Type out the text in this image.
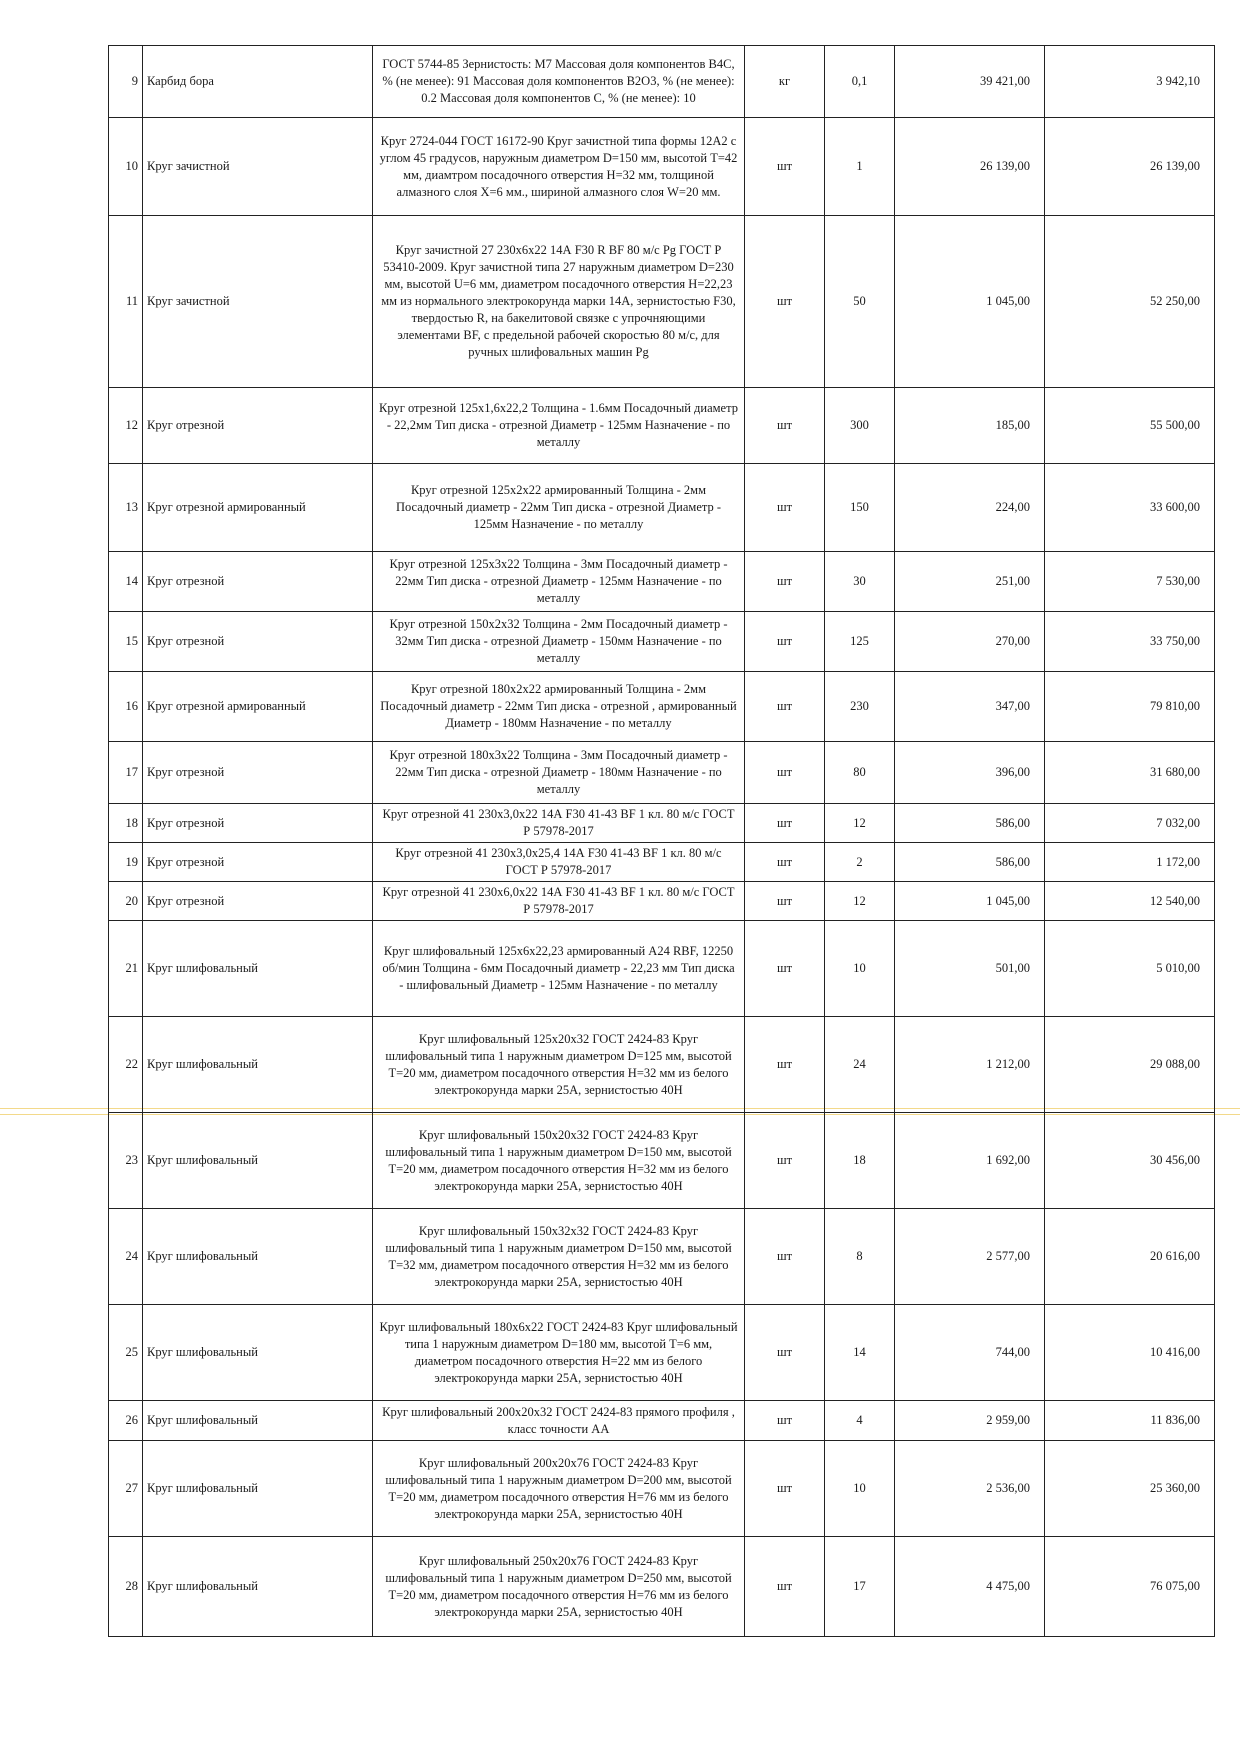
9	Карбид бора	ГОСТ 5744-85 Зернистость: М7 Массовая доля компонентов В4С, % (не менее): 91 Массовая доля компонентов В2О3, % (не менее): 0.2 Массовая доля компонентов С, % (не менее): 10	кг	0,1	39 421,00	3 942,10
10	Круг зачистной	Круг 2724-044 ГОСТ 16172-90 Круг зачистной типа формы 12А2 с углом 45 градусов, наружным диаметром D=150 мм, высотой Т=42 мм, диамтром посадочного отверстия Н=32 мм, толщиной алмазного слоя Х=6 мм., шириной алмазного слоя W=20 мм.	шт	1	26 139,00	26 139,00
11	Круг зачистной	Круг зачистной 27 230х6х22 14А F30 R BF 80 м/с Pg ГОСТ Р 53410-2009. Круг зачистной типа 27 наружным диаметром D=230 мм, высотой U=6 мм, диаметром посадочного отверстия Н=22,23 мм из нормального электрокорунда марки 14А, зернистостью F30, твердостью R, на бакелитовой связке с упрочняющими элементами BF, с предельной рабочей скоростью 80 м/с, для ручных шлифовальных машин Pg	шт	50	1 045,00	52 250,00
12	Круг отрезной	Круг отрезной 125х1,6х22,2 Толщина - 1.6мм Посадочный диаметр - 22,2мм Тип диска - отрезной Диаметр - 125мм Назначение - по металлу	шт	300	185,00	55 500,00
13	Круг отрезной армированный	Круг отрезной 125х2х22 армированный Толщина - 2мм Посадочный диаметр - 22мм Тип диска - отрезной Диаметр - 125мм Назначение - по металлу	шт	150	224,00	33 600,00
14	Круг отрезной	Круг отрезной 125х3х22 Толщина - 3мм Посадочный диаметр - 22мм Тип диска - отрезной Диаметр - 125мм Назначение - по металлу	шт	30	251,00	7 530,00
15	Круг отрезной	Круг отрезной 150х2х32 Толщина - 2мм Посадочный диаметр - 32мм Тип диска - отрезной Диаметр - 150мм Назначение - по металлу	шт	125	270,00	33 750,00
16	Круг отрезной армированный	Круг отрезной 180х2х22 армированный Толщина - 2мм Посадочный диаметр - 22мм Тип диска - отрезной , армированный Диаметр - 180мм Назначение - по металлу	шт	230	347,00	79 810,00
17	Круг отрезной	Круг отрезной 180х3х22 Толщина - 3мм Посадочный диаметр - 22мм Тип диска - отрезной Диаметр - 180мм Назначение - по металлу	шт	80	396,00	31 680,00
18	Круг отрезной	Круг отрезной 41 230х3,0х22 14А F30 41-43 BF 1 кл. 80 м/с ГОСТ Р 57978-2017	шт	12	586,00	7 032,00
19	Круг отрезной	Круг отрезной 41 230х3,0х25,4 14А F30 41-43 BF 1 кл. 80 м/с ГОСТ Р 57978-2017	шт	2	586,00	1 172,00
20	Круг отрезной	Круг отрезной 41 230х6,0х22 14А F30 41-43 BF 1 кл. 80 м/с ГОСТ Р 57978-2017	шт	12	1 045,00	12 540,00
21	Круг шлифовальный	Круг шлифовальный 125х6х22,23 армированный А24 RBF, 12250 об/мин Толщина - 6мм Посадочный диаметр - 22,23 мм Тип диска - шлифовальный Диаметр - 125мм Назначение - по металлу	шт	10	501,00	5 010,00
22	Круг шлифовальный	Круг шлифовальный 125х20х32 ГОСТ 2424-83 Круг шлифовальный типа 1 наружным диаметром D=125 мм, высотой Т=20 мм, диаметром посадочного отверстия Н=32 мм из белого электрокорунда марки 25А, зернистостью 40Н	шт	24	1 212,00	29 088,00
23	Круг шлифовальный	Круг шлифовальный 150х20х32 ГОСТ 2424-83 Круг шлифовальный типа 1 наружным диаметром D=150 мм, высотой Т=20 мм, диаметром посадочного отверстия Н=32 мм из белого электрокорунда марки 25А, зернистостью 40Н	шт	18	1 692,00	30 456,00
24	Круг шлифовальный	Круг шлифовальный 150х32х32 ГОСТ 2424-83 Круг шлифовальный типа 1 наружным диаметром D=150 мм, высотой Т=32 мм, диаметром посадочного отверстия Н=32 мм из белого электрокорунда марки 25А, зернистостью 40Н	шт	8	2 577,00	20 616,00
25	Круг шлифовальный	Круг шлифовальный 180х6х22 ГОСТ 2424-83 Круг шлифовальный типа 1 наружным диаметром D=180 мм, высотой Т=6 мм, диаметром посадочного отверстия Н=22 мм из белого электрокорунда марки 25А, зернистостью 40Н	шт	14	744,00	10 416,00
26	Круг шлифовальный	Круг шлифовальный 200х20х32 ГОСТ 2424-83 прямого профиля , класс точности АА	шт	4	2 959,00	11 836,00
27	Круг шлифовальный	Круг шлифовальный 200х20х76 ГОСТ 2424-83 Круг шлифовальный типа 1 наружным диаметром D=200 мм, высотой Т=20 мм, диаметром посадочного отверстия Н=76 мм из белого электрокорунда марки 25А, зернистостью 40Н	шт	10	2 536,00	25 360,00
28	Круг шлифовальный	Круг шлифовальный 250х20х76 ГОСТ 2424-83 Круг шлифовальный типа 1 наружным диаметром D=250 мм, высотой Т=20 мм, диаметром посадочного отверстия Н=76 мм из белого электрокорунда марки 25А, зернистостью 40Н	шт	17	4 475,00	76 075,00
